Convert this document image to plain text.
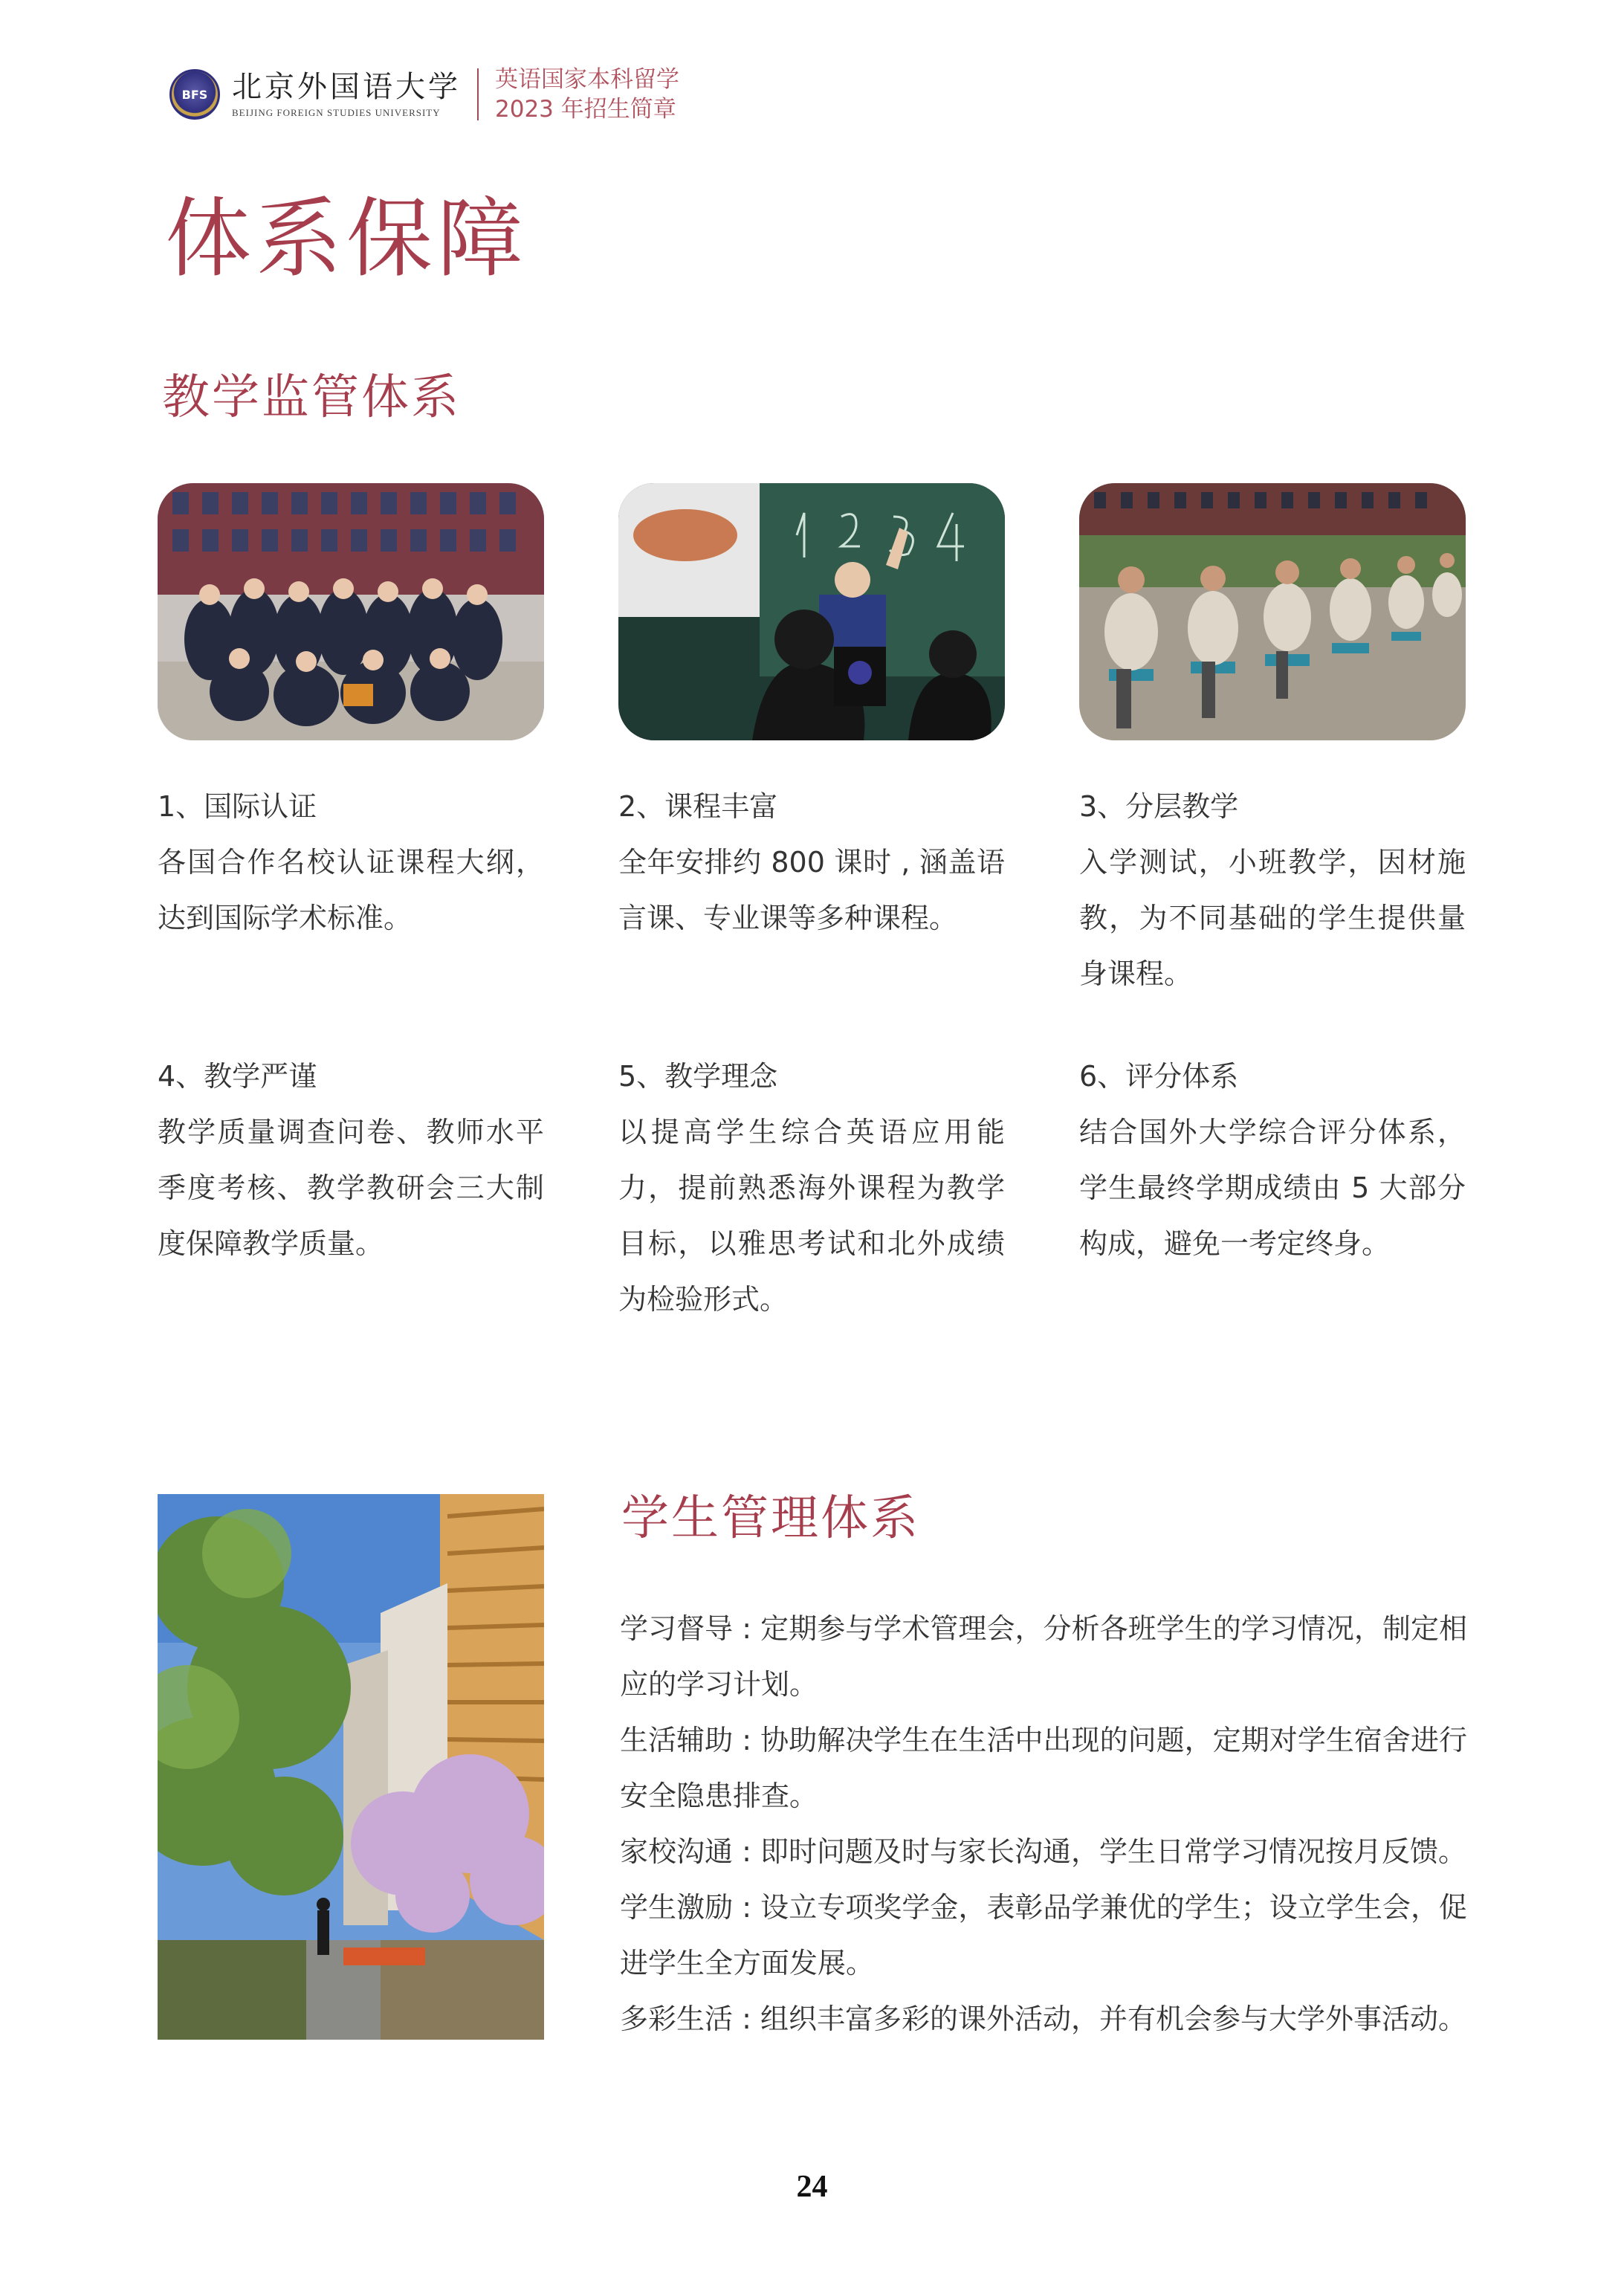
BFS 北京外国语大学
BEIJING FOREIGN STUDIES UNIVERSITY
英语国家本科留学
2023 年招生简章
体系保障
教学监管体系
1、国际认证
各国合作名校认证课程大纲，达到国际学术标准。
2、课程丰富
全年安排约 800 课时 , 涵盖语言课、专业课等多种课程。
3、分层教学
入学测试，小班教学，因材施教，为不同基础的学生提供量身课程。
4、教学严谨
教学质量调查问卷、教师水平季度考核、教学教研会三大制度保障教学质量。
5、教学理念
以提高学生综合英语应用能力，提前熟悉海外课程为教学目标，以雅思考试和北外成绩为检验形式。
6、评分体系
结合国外大学综合评分体系，学生最终学期成绩由 5 大部分构成，避免一考定终身。
学生管理体系

学习督导 : 定期参与学术管理会，分析各班学生的学习情况，制定相应的学习计划。

生活辅助 : 协助解决学生在生活中出现的问题，定期对学生宿舍进行安全隐患排查。

家校沟通 : 即时问题及时与家长沟通，学生日常学习情况按月反馈。

学生激励 : 设立专项奖学金，表彰品学兼优的学生；设立学生会，促进学生全方面发展。

多彩生活 : 组织丰富多彩的课外活动，并有机会参与大学外事活动。

24
